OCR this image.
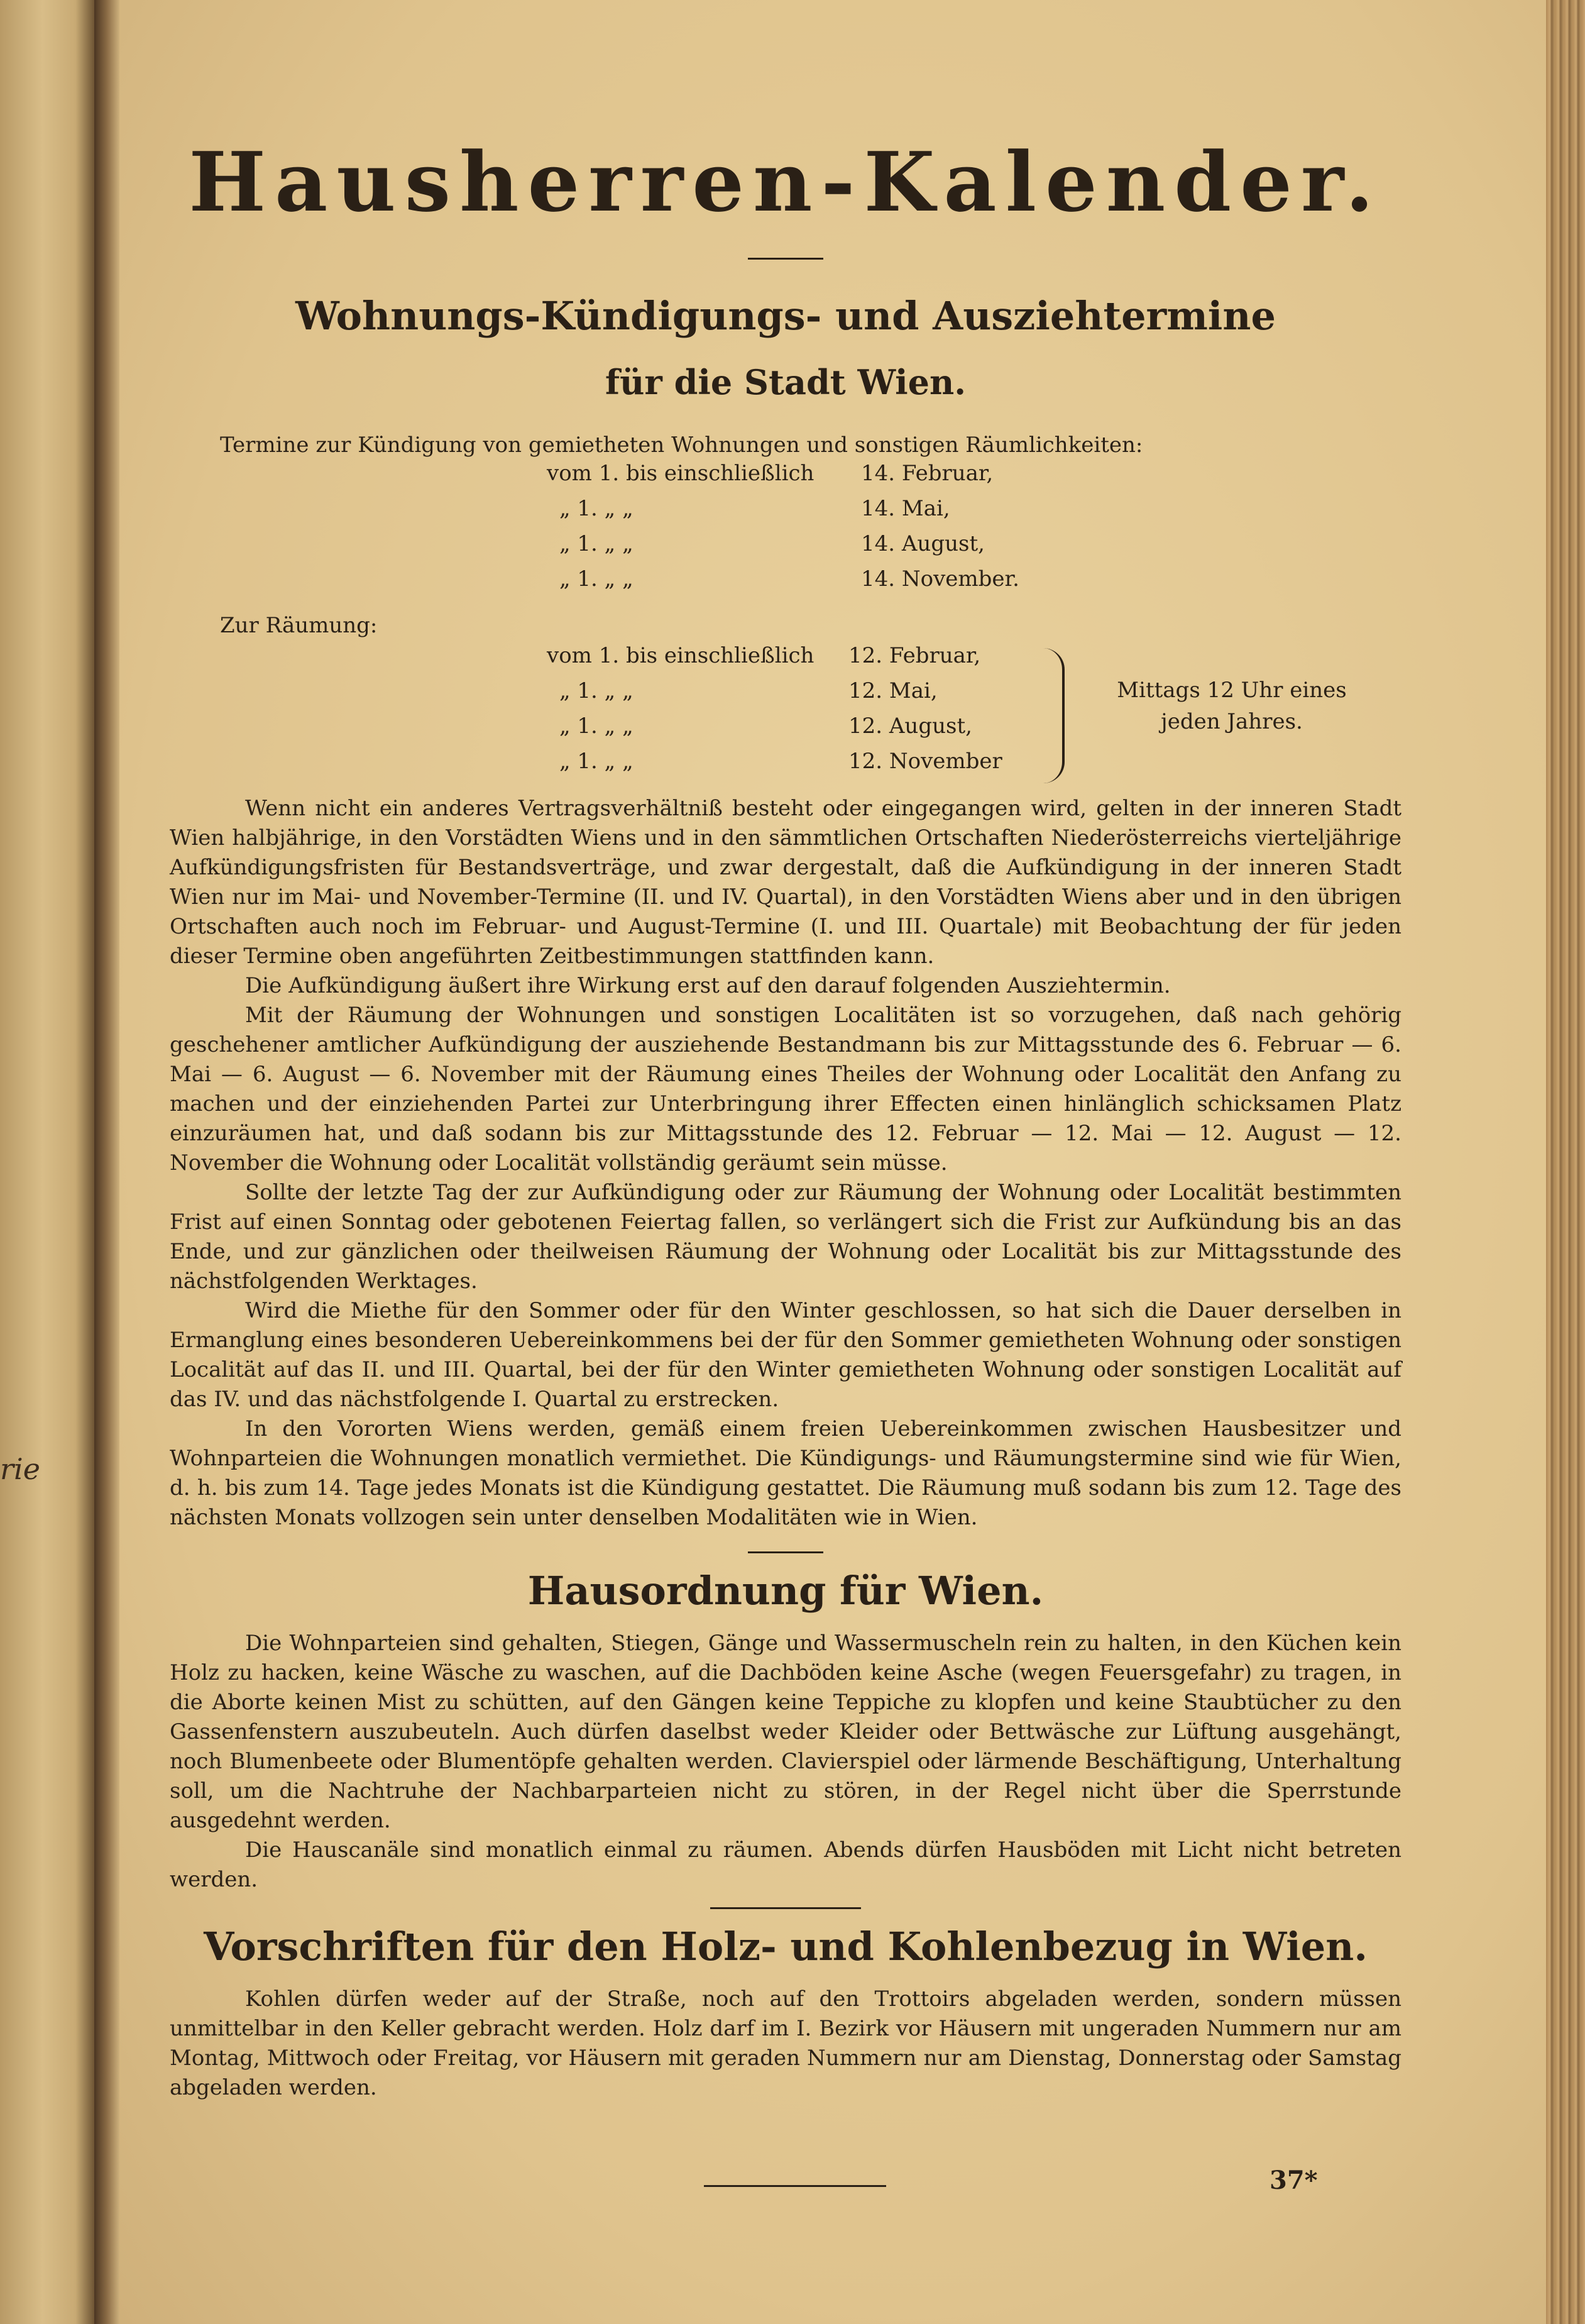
rie
Hausherren-Kalender.
Wohnungs-Kündigungs- und Ausziehtermine
für die Stadt Wien.
Termine zur Kündigung von gemietheten Wohnungen und sonstigen Räumlichkeiten:
vom 1. bis einschließlich 14. Februar,
„ 1. „ „	14. Mai,
„ 1. „ „	14. August,
„ 1. „ „	14. November.
Zur Räumung:
vom 1. bis einschließlich 12. Februar,
„ 1. „ „	12. Mai,
„ 1. „ „	12. August,
„ 1. „ „	12. November
Mittags 12 Uhr eines jeden Jahres.

Wenn nicht ein anderes Vertragsverhältniß besteht oder eingegangen wird, gelten in der inneren Stadt Wien halbjährige, in den Vorstädten Wiens und in den sämmtlichen Ortschaften Niederösterreichs vierteljährige Aufkündigungsfristen für Bestandsverträge, und zwar dergestalt, daß die Aufkündigung in der inneren Stadt Wien nur im Mai- und November-Termine (II. und IV. Quartal), in den Vorstädten Wiens aber und in den übrigen Ortschaften auch noch im Februar- und August-Termine (I. und III. Quartale) mit Beobachtung der für jeden dieser Termine oben angeführten Zeitbestimmungen stattfinden kann.

Die Aufkündigung äußert ihre Wirkung erst auf den darauf folgenden Ausziehtermin.

Mit der Räumung der Wohnungen und sonstigen Localitäten ist so vorzugehen, daß nach gehörig geschehener amtlicher Aufkündigung der ausziehende Bestandmann bis zur Mittagsstunde des 6. Februar — 6. Mai — 6. August — 6. November mit der Räumung eines Theiles der Wohnung oder Localität den Anfang zu machen und der einziehenden Partei zur Unterbringung ihrer Effecten einen hinlänglich schicksamen Platz einzuräumen hat, und daß sodann bis zur Mittagsstunde des 12. Februar — 12. Mai — 12. August — 12. November die Wohnung oder Localität vollständig geräumt sein müsse.

Sollte der letzte Tag der zur Aufkündigung oder zur Räumung der Wohnung oder Localität bestimmten Frist auf einen Sonntag oder gebotenen Feiertag fallen, so verlängert sich die Frist zur Aufkündung bis an das Ende, und zur gänzlichen oder theilweisen Räumung der Wohnung oder Localität bis zur Mittagsstunde des nächstfolgenden Werktages.

Wird die Miethe für den Sommer oder für den Winter geschlossen, so hat sich die Dauer derselben in Ermanglung eines besonderen Uebereinkommens bei der für den Sommer gemietheten Wohnung oder sonstigen Localität auf das II. und III. Quartal, bei der für den Winter gemietheten Wohnung oder sonstigen Localität auf das IV. und das nächstfolgende I. Quartal zu erstrecken.

In den Vororten Wiens werden, gemäß einem freien Uebereinkommen zwischen Hausbesitzer und Wohnparteien die Wohnungen monatlich vermiethet. Die Kündigungs- und Räumungstermine sind wie für Wien, d. h. bis zum 14. Tage jedes Monats ist die Kündigung gestattet. Die Räumung muß sodann bis zum 12. Tage des nächsten Monats vollzogen sein unter denselben Modalitäten wie in Wien.

Hausordnung für Wien.

Die Wohnparteien sind gehalten, Stiegen, Gänge und Wassermuscheln rein zu halten, in den Küchen kein Holz zu hacken, keine Wäsche zu waschen, auf die Dachböden keine Asche (wegen Feuersgefahr) zu tragen, in die Aborte keinen Mist zu schütten, auf den Gängen keine Teppiche zu klopfen und keine Staubtücher zu den Gassenfenstern auszubeuteln. Auch dürfen daselbst weder Kleider oder Bettwäsche zur Lüftung ausgehängt, noch Blumenbeete oder Blumentöpfe gehalten werden. Clavierspiel oder lärmende Beschäftigung, Unterhaltung soll, um die Nachtruhe der Nachbarparteien nicht zu stören, in der Regel nicht über die Sperrstunde ausgedehnt werden.

Die Hauscanäle sind monatlich einmal zu räumen. Abends dürfen Hausböden mit Licht nicht betreten werden.

Vorschriften für den Holz- und Kohlenbezug in Wien.

Kohlen dürfen weder auf der Straße, noch auf den Trottoirs abgeladen werden, sondern müssen unmittelbar in den Keller gebracht werden. Holz darf im I. Bezirk vor Häusern mit ungeraden Nummern nur am Montag, Mittwoch oder Freitag, vor Häusern mit geraden Nummern nur am Dienstag, Donnerstag oder Samstag abgeladen werden.

37*
